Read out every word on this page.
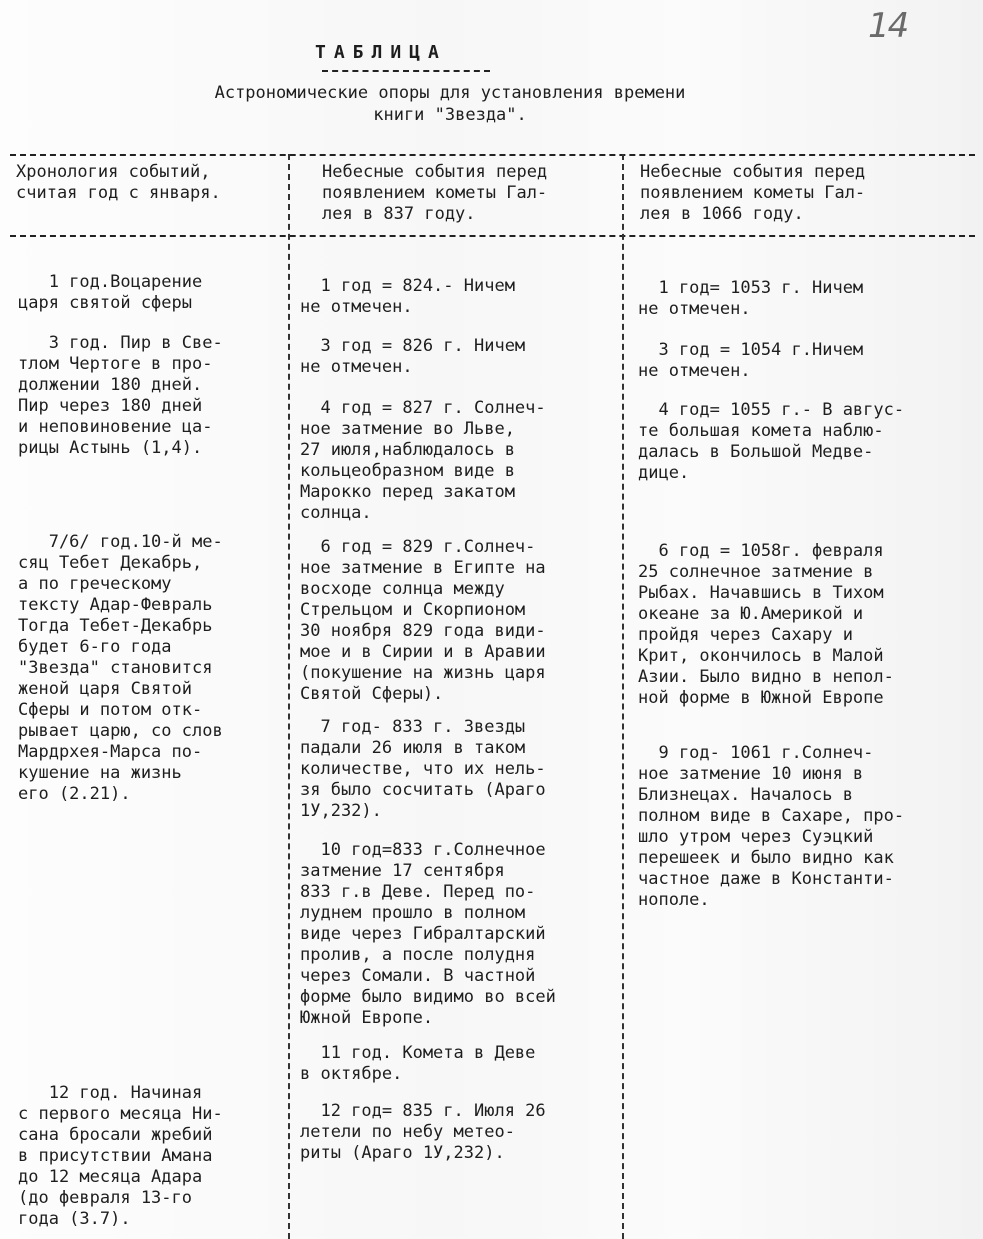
14
ТАБЛИЦА
Астрономические опоры для установления времени
книги "Звезда".
Хронология событий,
считая год с января.
Небесные события перед
появлением кометы Гал-
лея в 837 году.
Небесные события перед
появлением кометы Гал-
лея в 1066 году.
1 год.Воцарение
царя святой сферы
3 год. Пир в Све-
тлом Чертоге в про-
должении 180 дней.
Пир через 180 дней
и неповиновение ца-
рицы Астынь (1,4).
7/6/ год.10-й ме-
сяц Тебет Декабрь,
а по греческому
тексту Адар-Февраль
Тогда Тебет-Декабрь
будет 6-го года
"Звезда" становится
женой царя Святой
Сферы и потом отк-
рывает царю, со слов
Мардрхея-Марса по-
кушение на жизнь
его (2.21).
12 год. Начиная
с первого месяца Ни-
сана бросали жребий
в присутствии Амана
до 12 месяца Адара
(до февраля 13-го
года (3.7).
1 год = 824.- Ничем
не отмечен.
3 год = 826 г. Ничем
не отмечен.
4 год = 827 г. Солнеч-
ное затмение во Льве,
27 июля,наблюдалось в
кольцеобразном виде в
Марокко перед закатом
солнца.
6 год = 829 г.Солнеч-
ное затмение в Египте на
восходе солнца между
Стрельцом и Скорпионом
30 ноября 829 года види-
мое и в Сирии и в Аравии
(покушение на жизнь царя
Святой Сферы).
7 год- 833 г. Звезды
падали 26 июля в таком
количестве, что их нель-
зя было сосчитать (Араго
1У,232).
10 год=833 г.Солнечное
затмение 17 сентября
833 г.в Деве. Перед по-
луднем прошло в полном
виде через Гибралтарский
пролив, а после полудня
через Сомали. В частной
форме было видимо во всей
Южной Европе.
11 год. Комета в Деве
в октябре.
12 год= 835 г. Июля 26
летели по небу метео-
риты (Араго 1У,232).
1 год= 1053 г. Ничем
не отмечен.
3 год = 1054 г.Ничем
не отмечен.
4 год= 1055 г.- В авгус-
те большая комета наблю-
далась в Большой Медве-
дице.
6 год = 1058г. февраля
25 солнечное затмение в
Рыбах. Начавшись в Тихом
океане за Ю.Америкой и
пройдя через Сахару и
Крит, окончилось в Малой
Азии. Было видно в непол-
ной форме в Южной Европе
9 год- 1061 г.Солнеч-
ное затмение 10 июня в
Близнецах. Началось в
полном виде в Сахаре, про-
шло утром через Суэцкий
перешеек и было видно как
частное даже в Константи-
нополе.
